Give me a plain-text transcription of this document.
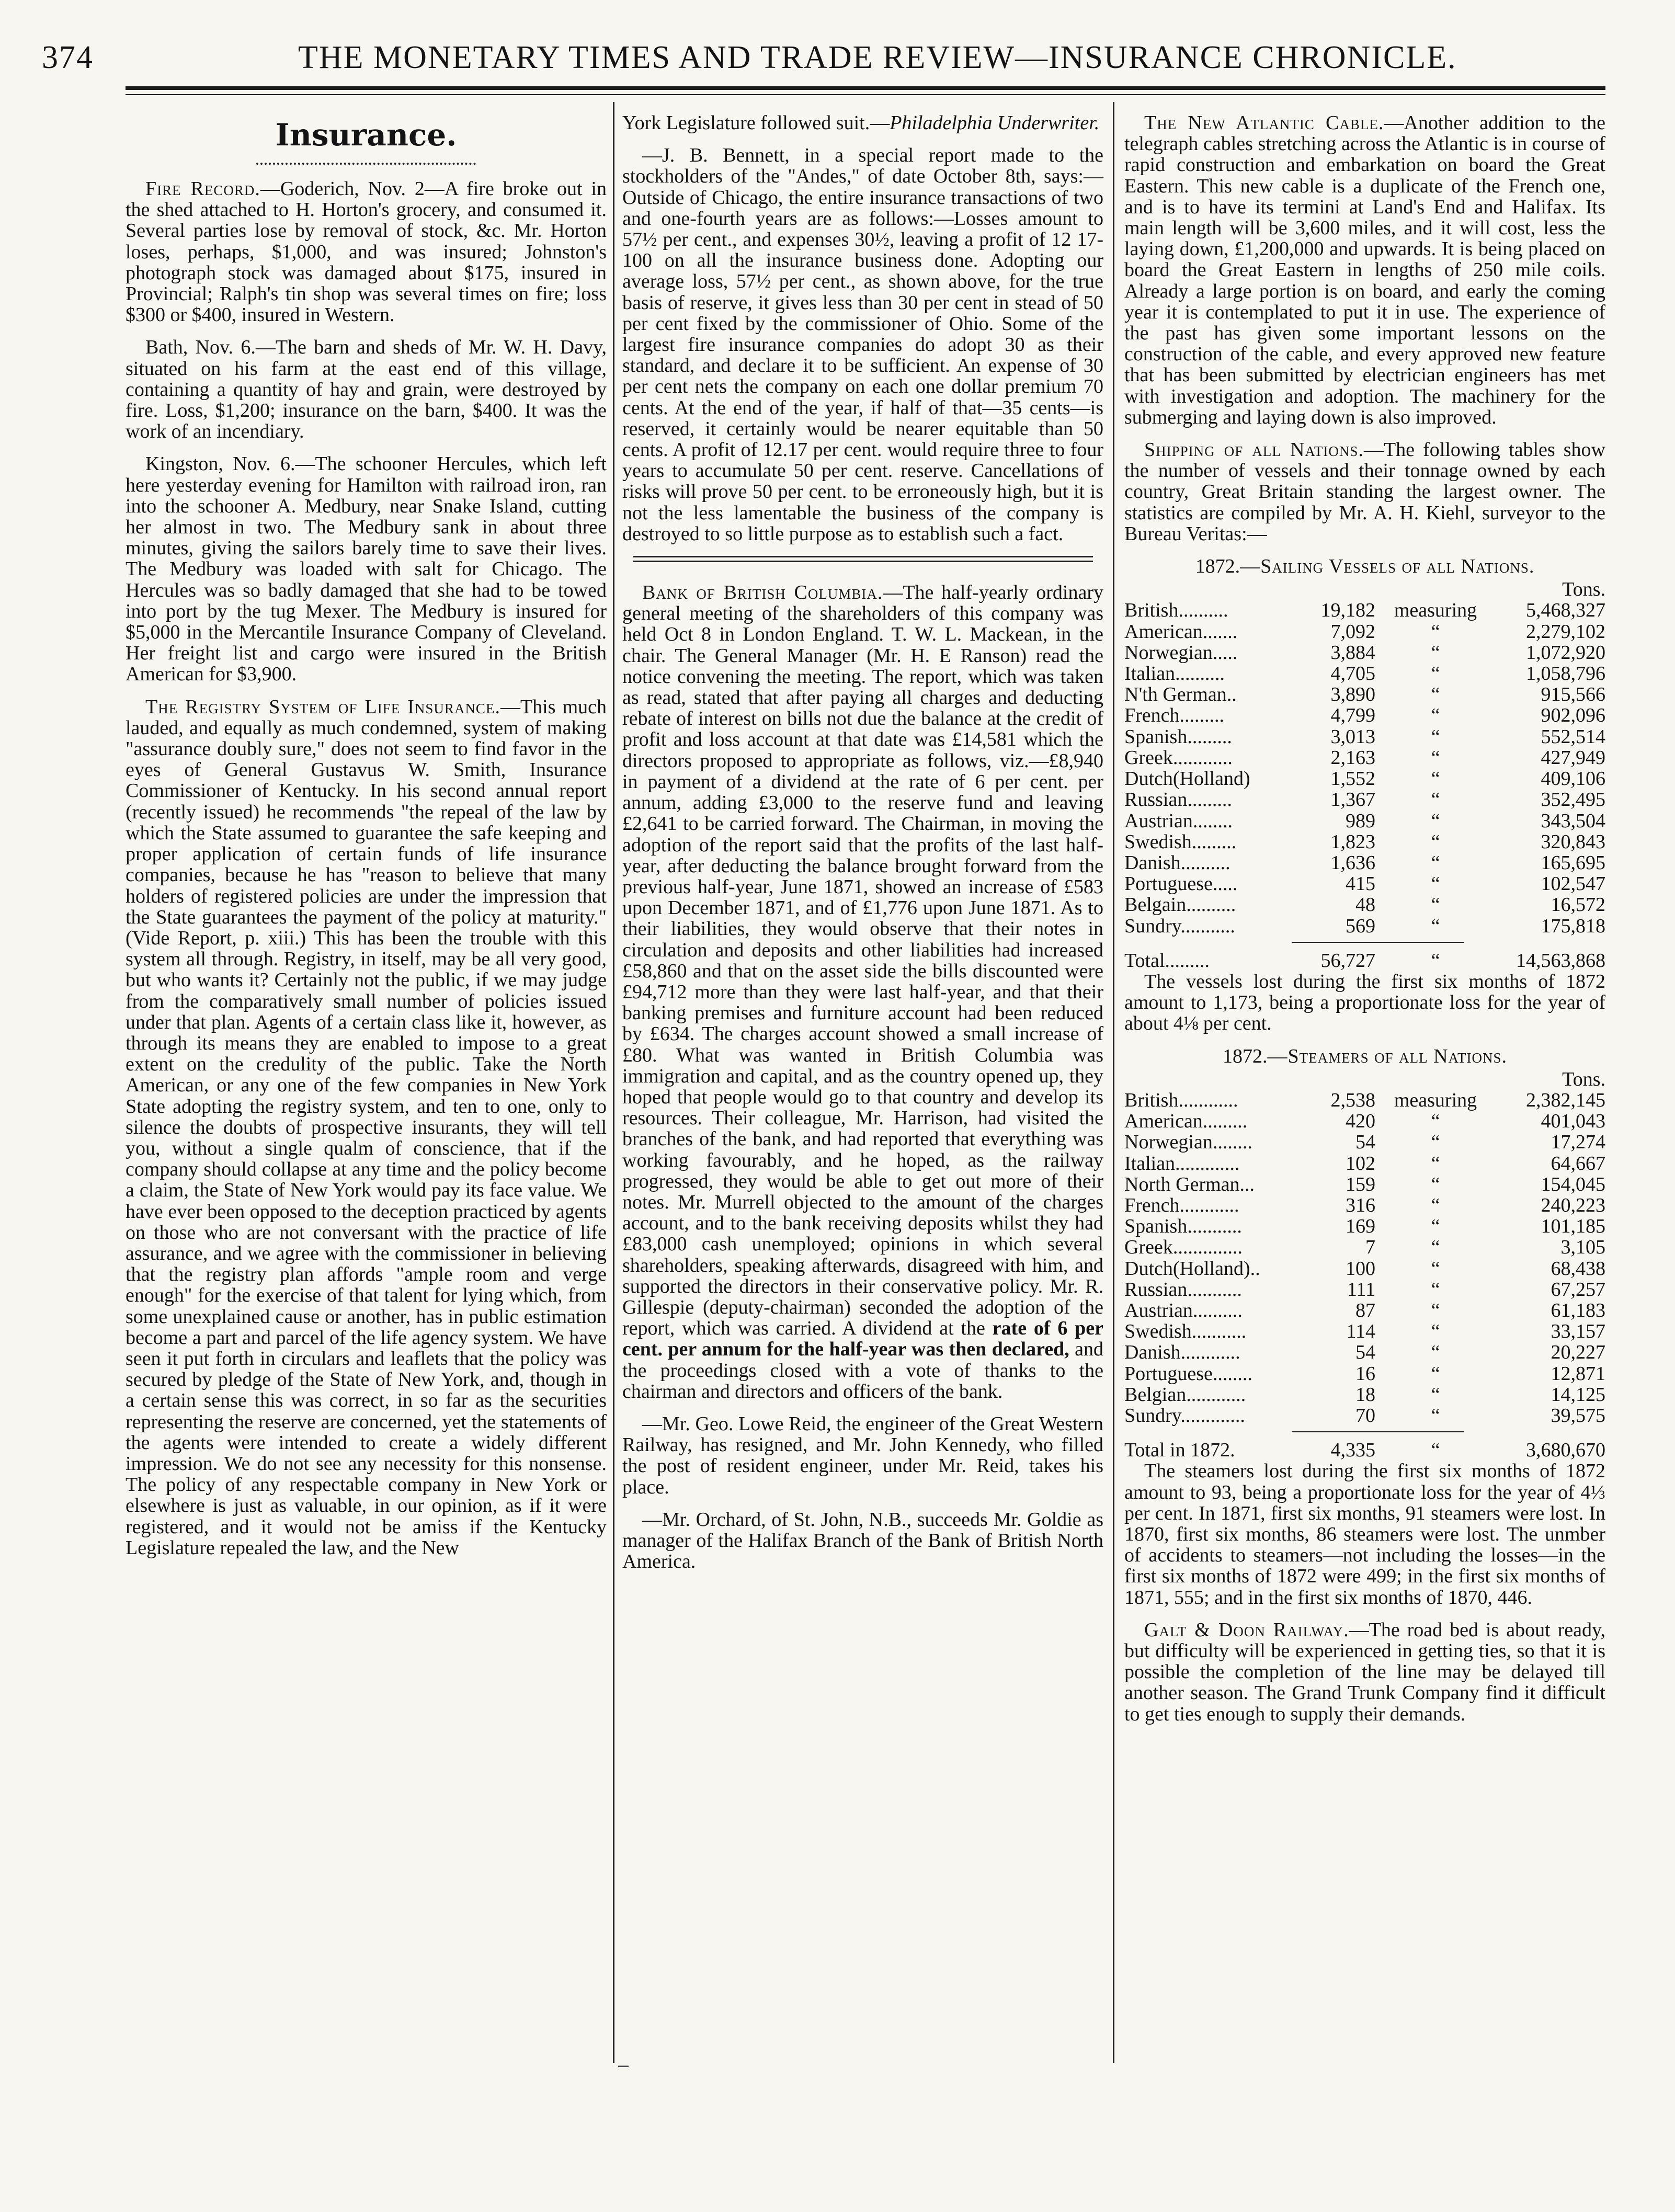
374	THE MONETARY TIMES AND TRADE REVIEW—INSURANCE CHRONICLE.
Insurance.

Fire Record.—Goderich, Nov. 2—A fire broke out in the shed attached to H. Horton's grocery, and consumed it. Several parties lose by removal of stock, &c. Mr. Horton loses, perhaps, $1,000, and was insured; Johnston's photograph stock was damaged about $175, insured in Provincial; Ralph's tin shop was several times on fire; loss $300 or $400, insured in Western.

Bath, Nov. 6.—The barn and sheds of Mr. W. H. Davy, situated on his farm at the east end of this village, containing a quantity of hay and grain, were destroyed by fire. Loss, $1,200; insurance on the barn, $400. It was the work of an incendiary.

Kingston, Nov. 6.—The schooner Hercules, which left here yesterday evening for Hamilton with railroad iron, ran into the schooner A. Medbury, near Snake Island, cutting her almost in two. The Medbury sank in about three minutes, giving the sailors barely time to save their lives. The Medbury was loaded with salt for Chicago. The Hercules was so badly damaged that she had to be towed into port by the tug Mexer. The Medbury is insured for $5,000 in the Mercantile Insurance Company of Cleveland. Her freight list and cargo were insured in the British American for $3,900.

The Registry System of Life Insurance.—This much lauded, and equally as much condemned, system of making "assurance doubly sure," does not seem to find favor in the eyes of General Gustavus W. Smith, Insurance Commissioner of Kentucky. In his second annual report (recently issued) he recommends "the repeal of the law by which the State assumed to guarantee the safe keeping and proper application of certain funds of life insurance companies, because he has "reason to believe that many holders of registered policies are under the impression that the State guarantees the payment of the policy at maturity." (Vide Report, p. xiii.) This has been the trouble with this system all through. Registry, in itself, may be all very good, but who wants it? Certainly not the public, if we may judge from the comparatively small number of policies issued under that plan. Agents of a certain class like it, however, as through its means they are enabled to impose to a great extent on the credulity of the public. Take the North American, or any one of the few companies in New York State adopting the registry system, and ten to one, only to silence the doubts of prospective insurants, they will tell you, without a single qualm of conscience, that if the company should collapse at any time and the policy become a claim, the State of New York would pay its face value. We have ever been opposed to the deception practiced by agents on those who are not conversant with the practice of life assurance, and we agree with the commissioner in believing that the registry plan affords "ample room and verge enough" for the exercise of that talent for lying which, from some unexplained cause or another, has in public estimation become a part and parcel of the life agency system. We have seen it put forth in circulars and leaflets that the policy was secured by pledge of the State of New York, and, though in a certain sense this was correct, in so far as the securities representing the reserve are concerned, yet the statements of the agents were intended to create a widely different impression. We do not see any necessity for this nonsense. The policy of any respectable company in New York or elsewhere is just as valuable, in our opinion, as if it were registered, and it would not be amiss if the Kentucky Legislature repealed the law, and the New

York Legislature followed suit.—Philadelphia Underwriter.

—J. B. Bennett, in a special report made to the stockholders of the "Andes," of date October 8th, says:—Outside of Chicago, the entire insurance transactions of two and one-fourth years are as follows:—Losses amount to 57½ per cent., and expenses 30½, leaving a profit of 12 17-100 on all the insurance business done. Adopting our average loss, 57½ per cent., as shown above, for the true basis of reserve, it gives less than 30 per cent in stead of 50 per cent fixed by the commissioner of Ohio. Some of the largest fire insurance companies do adopt 30 as their standard, and declare it to be sufficient. An expense of 30 per cent nets the company on each one dollar premium 70 cents. At the end of the year, if half of that—35 cents—is reserved, it certainly would be nearer equitable than 50 cents. A profit of 12.17 per cent. would require three to four years to accumulate 50 per cent. reserve. Cancellations of risks will prove 50 per cent. to be erroneously high, but it is not the less lamentable the business of the company is destroyed to so little purpose as to establish such a fact.

Bank of British Columbia.—The half-yearly ordinary general meeting of the shareholders of this company was held Oct 8 in London England. T. W. L. Mackean, in the chair. The General Manager (Mr. H. E Ranson) read the notice convening the meeting. The report, which was taken as read, stated that after paying all charges and deducting rebate of interest on bills not due the balance at the credit of profit and loss account at that date was £14,581 which the directors proposed to appropriate as follows, viz.—£8,940 in payment of a dividend at the rate of 6 per cent. per annum, adding £3,000 to the reserve fund and leaving £2,641 to be carried forward. The Chairman, in moving the adoption of the report said that the profits of the last half-year, after deducting the balance brought forward from the previous half-year, June 1871, showed an increase of £583 upon December 1871, and of £1,776 upon June 1871. As to their liabilities, they would observe that their notes in circulation and deposits and other liabilities had increased £58,860 and that on the asset side the bills discounted were £94,712 more than they were last half-year, and that their banking premises and furniture account had been reduced by £634. The charges account showed a small increase of £80. What was wanted in British Columbia was immigration and capital, and as the country opened up, they hoped that people would go to that country and develop its resources. Their colleague, Mr. Harrison, had visited the branches of the bank, and had reported that everything was working favourably, and he hoped, as the railway progressed, they would be able to get out more of their notes. Mr. Murrell objected to the amount of the charges account, and to the bank receiving deposits whilst they had £83,000 cash unemployed; opinions in which several shareholders, speaking afterwards, disagreed with him, and supported the directors in their conservative policy. Mr. R. Gillespie (deputy-chairman) seconded the adoption of the report, which was carried. A dividend at the rate of 6 per cent. per annum for the half-year was then declared, and the proceedings closed with a vote of thanks to the chairman and directors and officers of the bank.

—Mr. Geo. Lowe Reid, the engineer of the Great Western Railway, has resigned, and Mr. John Kennedy, who filled the post of resident engineer, under Mr. Reid, takes his place.

—Mr. Orchard, of St. John, N.B., succeeds Mr. Goldie as manager of the Halifax Branch of the Bank of British North America.

The New Atlantic Cable.—Another addition to the telegraph cables stretching across the Atlantic is in course of rapid construction and embarkation on board the Great Eastern. This new cable is a duplicate of the French one, and is to have its termini at Land's End and Halifax. Its main length will be 3,600 miles, and it will cost, less the laying down, £1,200,000 and upwards. It is being placed on board the Great Eastern in lengths of 250 mile coils. Already a large portion is on board, and early the coming year it is contemplated to put it in use. The experience of the past has given some important lessons on the construction of the cable, and every approved new feature that has been submitted by electrician engineers has met with investigation and adoption. The machinery for the submerging and laying down is also improved.

Shipping of all Nations.—The following tables show the number of vessels and their tonnage owned by each country, Great Britain standing the largest owner. The statistics are compiled by Mr. A. H. Kiehl, surveyor to the Bureau Veritas:—

1872.—Sailing Vessels of all Nations.
Tons.			
British..........	19,182	measuring	5,468,327
American.......	7,092	“	2,279,102
Norwegian.....	3,884	“	1,072,920
Italian..........	4,705	“	1,058,796
N'th German..	3,890	“	915,566
French.........	4,799	“	902,096
Spanish.........	3,013	“	552,514
Greek............	2,163	“	427,949
Dutch(Holland)	1,552	“	409,106
Russian.........	1,367	“	352,495
Austrian........	989	“	343,504
Swedish.........	1,823	“	320,843
Danish..........	1,636	“	165,695
Portuguese.....	415	“	102,547
Belgain..........	48	“	16,572
Sundry...........	569	“	175,818
Total.........	56,727	“	14,563,868

The vessels lost during the first six months of 1872 amount to 1,173, being a proportionate loss for the year of about 4⅛ per cent.

1872.—Steamers of all Nations.
Tons.			
British............	2,538	measuring	2,382,145
American.........	420	“	401,043
Norwegian........	54	“	17,274
Italian.............	102	“	64,667
North German...	159	“	154,045
French............	316	“	240,223
Spanish...........	169	“	101,185
Greek..............	7	“	3,105
Dutch(Holland)..	100	“	68,438
Russian...........	111	“	67,257
Austrian..........	87	“	61,183
Swedish...........	114	“	33,157
Danish............	54	“	20,227
Portuguese........	16	“	12,871
Belgian............	18	“	14,125
Sundry.............	70	“	39,575
Total in 1872.	4,335	“	3,680,670

The steamers lost during the first six months of 1872 amount to 93, being a proportionate loss for the year of 4⅓ per cent. In 1871, first six months, 91 steamers were lost. In 1870, first six months, 86 steamers were lost. The unmber of accidents to steamers—not including the losses—in the first six months of 1872 were 499; in the first six months of 1871, 555; and in the first six months of 1870, 446.

Galt & Doon Railway.—The road bed is about ready, but difficulty will be experienced in getting ties, so that it is possible the completion of the line may be delayed till another season. The Grand Trunk Company find it difficult to get ties enough to supply their demands.
